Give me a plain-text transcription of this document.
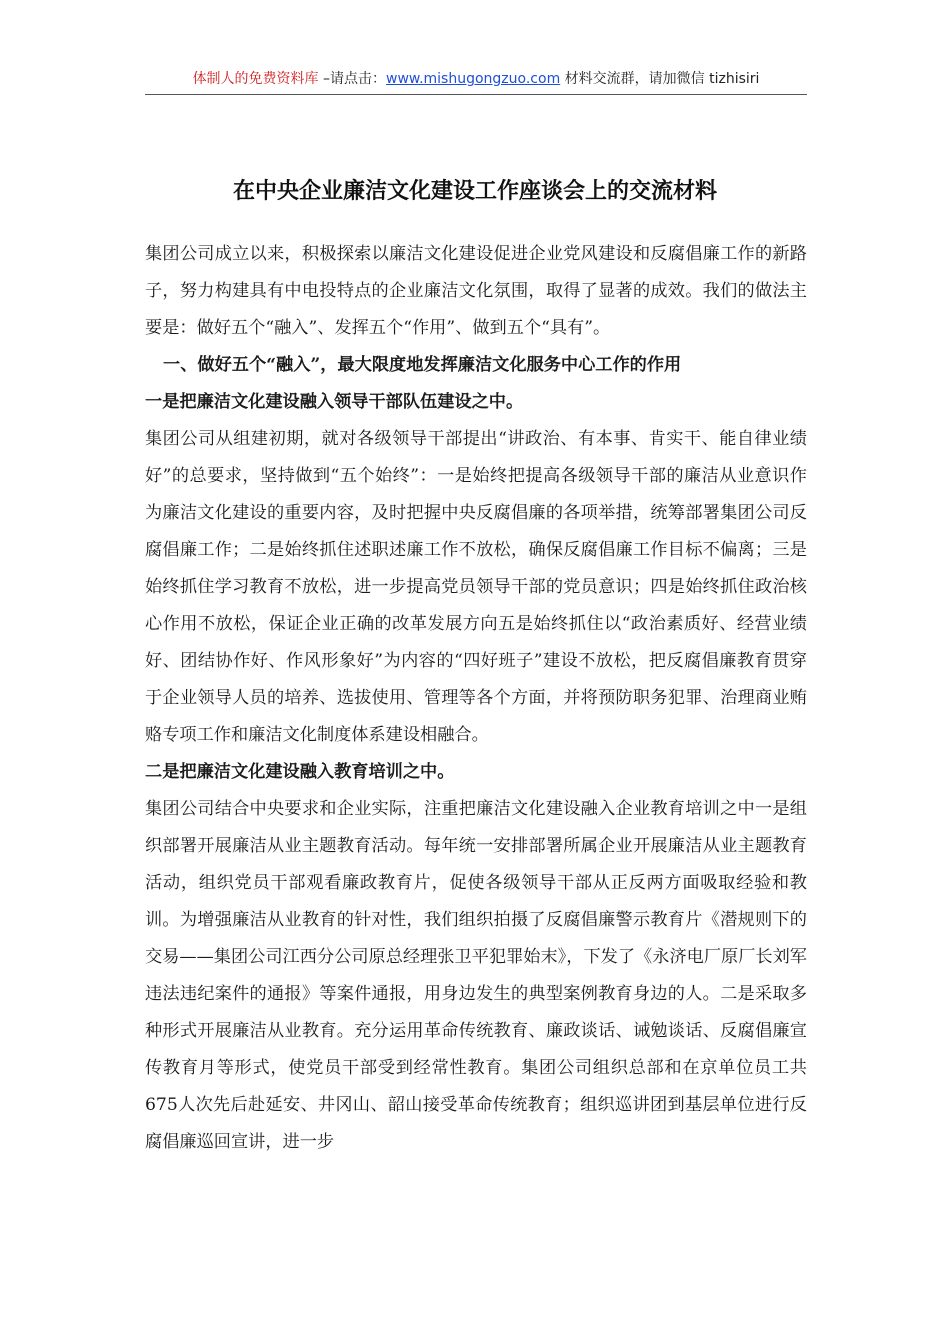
体制人的免费资料库 –请点击：www.mishugongzuo.com 材料交流群，请加微信 tizhisiri
在中央企业廉洁文化建设工作座谈会上的交流材料

集团公司成立以来，积极探索以廉洁文化建设促进企业党风建设和反腐倡廉工作的新路子，努力构建具有中电投特点的企业廉洁文化氛围，取得了显著的成效。我们的做法主要是：做好五个“融入”、发挥五个“作用”、做到五个“具有”。

一、做好五个“融入”，最大限度地发挥廉洁文化服务中心工作的作用

一是把廉洁文化建设融入领导干部队伍建设之中。

集团公司从组建初期，就对各级领导干部提出“讲政治、有本事、肯实干、能自律业绩好”的总要求，坚持做到“五个始终”：一是始终把提高各级领导干部的廉洁从业意识作为廉洁文化建设的重要内容，及时把握中央反腐倡廉的各项举措，统筹部署集团公司反腐倡廉工作；二是始终抓住述职述廉工作不放松，确保反腐倡廉工作目标不偏离；三是始终抓住学习教育不放松，进一步提高党员领导干部的党员意识；四是始终抓住政治核心作用不放松，保证企业正确的改革发展方向五是始终抓住以“政治素质好、经营业绩好、团结协作好、作风形象好”为内容的“四好班子”建设不放松，把反腐倡廉教育贯穿于企业领导人员的培养、选拔使用、管理等各个方面，并将预防职务犯罪、治理商业贿赂专项工作和廉洁文化制度体系建设相融合。

二是把廉洁文化建设融入教育培训之中。

集团公司结合中央要求和企业实际，注重把廉洁文化建设融入企业教育培训之中一是组织部署开展廉洁从业主题教育活动。每年统一安排部署所属企业开展廉洁从业主题教育活动，组织党员干部观看廉政教育片，促使各级领导干部从正反两方面吸取经验和教训。为增强廉洁从业教育的针对性，我们组织拍摄了反腐倡廉警示教育片《潜规则下的交易——集团公司江西分公司原总经理张卫平犯罪始末》，下发了《永济电厂原厂长刘军违法违纪案件的通报》等案件通报，用身边发生的典型案例教育身边的人。二是采取多种形式开展廉洁从业教育。充分运用革命传统教育、廉政谈话、诫勉谈话、反腐倡廉宣传教育月等形式，使党员干部受到经常性教育。集团公司组织总部和在京单位员工共675人次先后赴延安、井冈山、韶山接受革命传统教育；组织巡讲团到基层单位进行反腐倡廉巡回宣讲，进一步
